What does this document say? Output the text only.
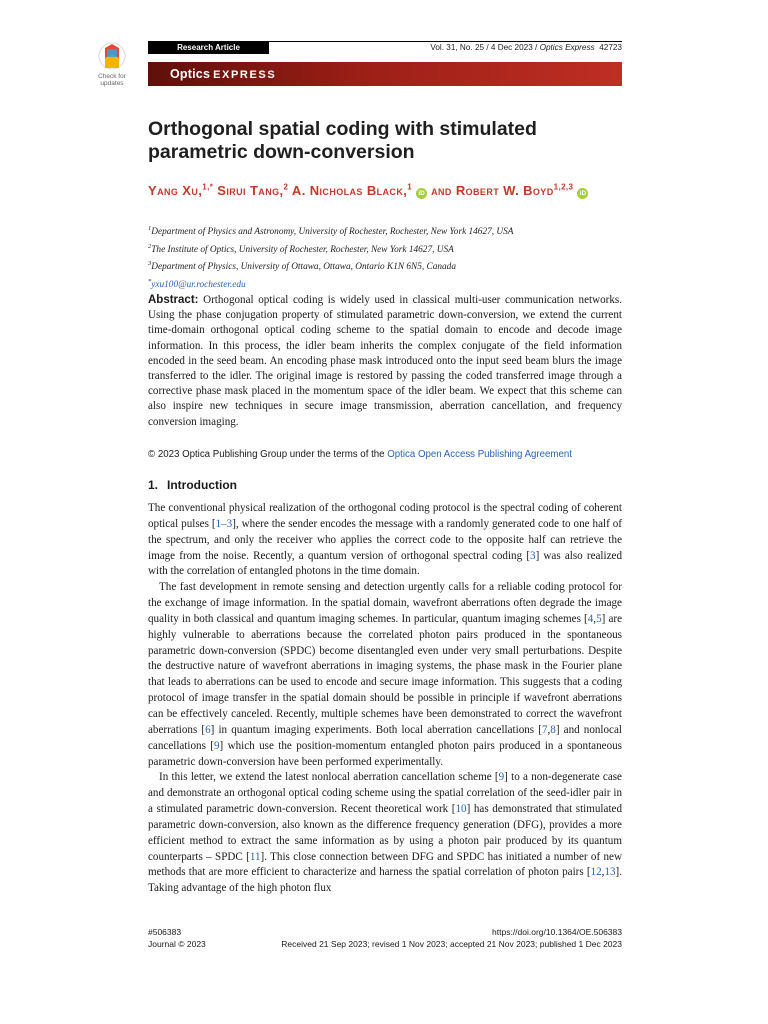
Check for updates
Research Article	Vol. 31, No. 25 / 4 Dec 2023 / Optics Express 42723
Optics EXPRESS
Orthogonal spatial coding with stimulated parametric down-conversion
Yang Xu,$^{1,*}$ Sirui Tang,$^2$ A. Nicholas Black,$^1$ iD and Robert W. Boyd$^{1,2,3}$ iD
$^1$Department of Physics and Astronomy, University of Rochester, Rochester, New York 14627, USA
$^2$The Institute of Optics, University of Rochester, Rochester, New York 14627, USA
$^3$Department of Physics, University of Ottawa, Ottawa, Ontario K1N 6N5, Canada
*yxu100@ur.rochester.edu
Abstract: Orthogonal optical coding is widely used in classical multi-user communication networks. Using the phase conjugation property of stimulated parametric down-conversion, we extend the current time-domain orthogonal optical coding scheme to the spatial domain to encode and decode image information. In this process, the idler beam inherits the complex conjugate of the field information encoded in the seed beam. An encoding phase mask introduced onto the input seed beam blurs the image transferred to the idler. The original image is restored by passing the coded transferred image through a corrective phase mask placed in the momentum space of the idler beam. We expect that this scheme can also inspire new techniques in secure image transmission, aberration cancellation, and frequency conversion imaging.
© 2023 Optica Publishing Group under the terms of the Optica Open Access Publishing Agreement
1. Introduction

The conventional physical realization of the orthogonal coding protocol is the spectral coding of coherent optical pulses [1–3], where the sender encodes the message with a randomly generated code to one half of the spectrum, and only the receiver who applies the correct code to the opposite half can retrieve the image from the noise. Recently, a quantum version of orthogonal spectral coding [3] was also realized with the correlation of entangled photons in the time domain.

The fast development in remote sensing and detection urgently calls for a reliable coding protocol for the exchange of image information. In the spatial domain, wavefront aberrations often degrade the image quality in both classical and quantum imaging schemes. In particular, quantum imaging schemes [4,5] are highly vulnerable to aberrations because the correlated photon pairs produced in the spontaneous parametric down-conversion (SPDC) become disentangled even under very small perturbations. Despite the destructive nature of wavefront aberrations in imaging systems, the phase mask in the Fourier plane that leads to aberrations can be used to encode and secure image information. This suggests that a coding protocol of image transfer in the spatial domain should be possible in principle if wavefront aberrations can be effectively canceled. Recently, multiple schemes have been demonstrated to correct the wavefront aberrations [6] in quantum imaging experiments. Both local aberration cancellations [7,8] and nonlocal cancellations [9] which use the position-momentum entangled photon pairs produced in a spontaneous parametric down-conversion have been performed experimentally.

In this letter, we extend the latest nonlocal aberration cancellation scheme [9] to a non-degenerate case and demonstrate an orthogonal optical coding scheme using the spatial correlation of the seed-idler pair in a stimulated parametric down-conversion. Recent theoretical work [10] has demonstrated that stimulated parametric down-conversion, also known as the difference frequency generation (DFG), provides a more efficient method to extract the same information as by using a photon pair produced by its quantum counterparts – SPDC [11]. This close connection between DFG and SPDC has initiated a number of new methods that are more efficient to characterize and harness the spatial correlation of photon pairs [12,13]. Taking advantage of the high photon flux

#506383
Journal © 2023
https://doi.org/10.1364/OE.506383
Received 21 Sep 2023; revised 1 Nov 2023; accepted 21 Nov 2023; published 1 Dec 2023
